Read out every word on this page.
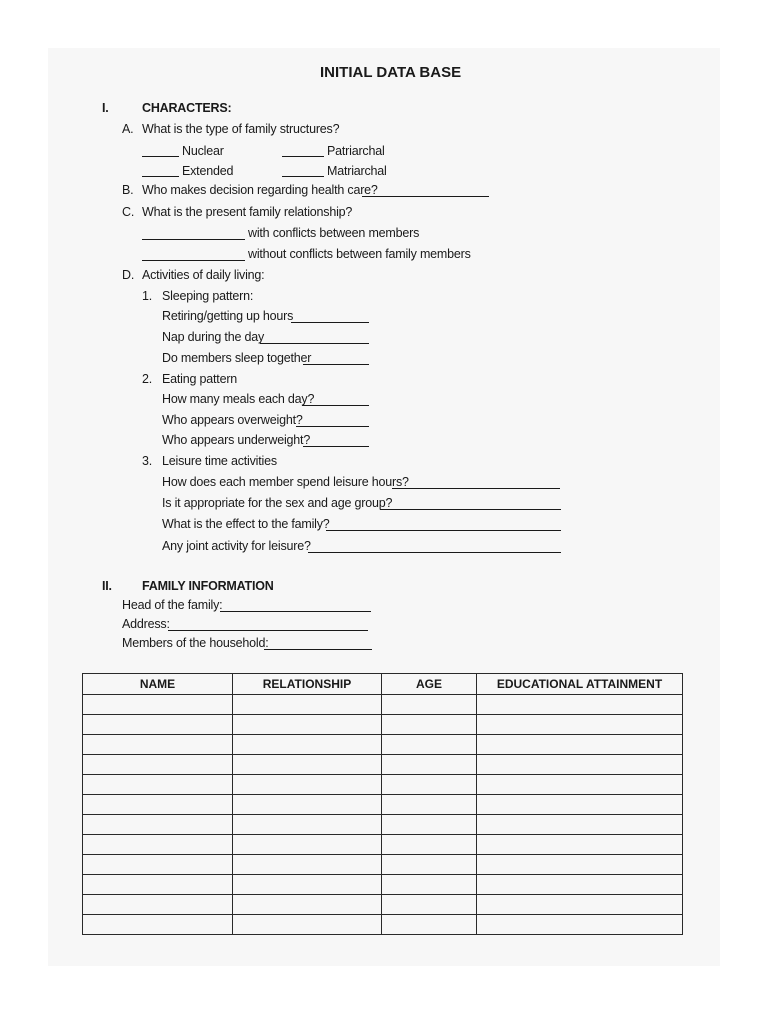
INITIAL DATA BASE
I.	CHARACTERS:
A. What is the type of family structures?
Nuclear	Patriarchal
Extended	Matriarchal
B. Who makes decision regarding health care?
C. What is the present family relationship?
with conflicts between members
without conflicts between family members
D. Activities of daily living:
1. Sleeping pattern:
Retiring/getting up hours
Nap during the day
Do members sleep together
2. Eating pattern
How many meals each day?
Who appears overweight?
Who appears underweight?
3. Leisure time activities
How does each member spend leisure hours?
Is it appropriate for the sex and age group?
What is the effect to the family?
Any joint activity for leisure?
II. FAMILY INFORMATION
Head of the family:
Address:
Members of the household:
NAME	RELATIONSHIP	AGE	EDUCATIONAL ATTAINMENT
